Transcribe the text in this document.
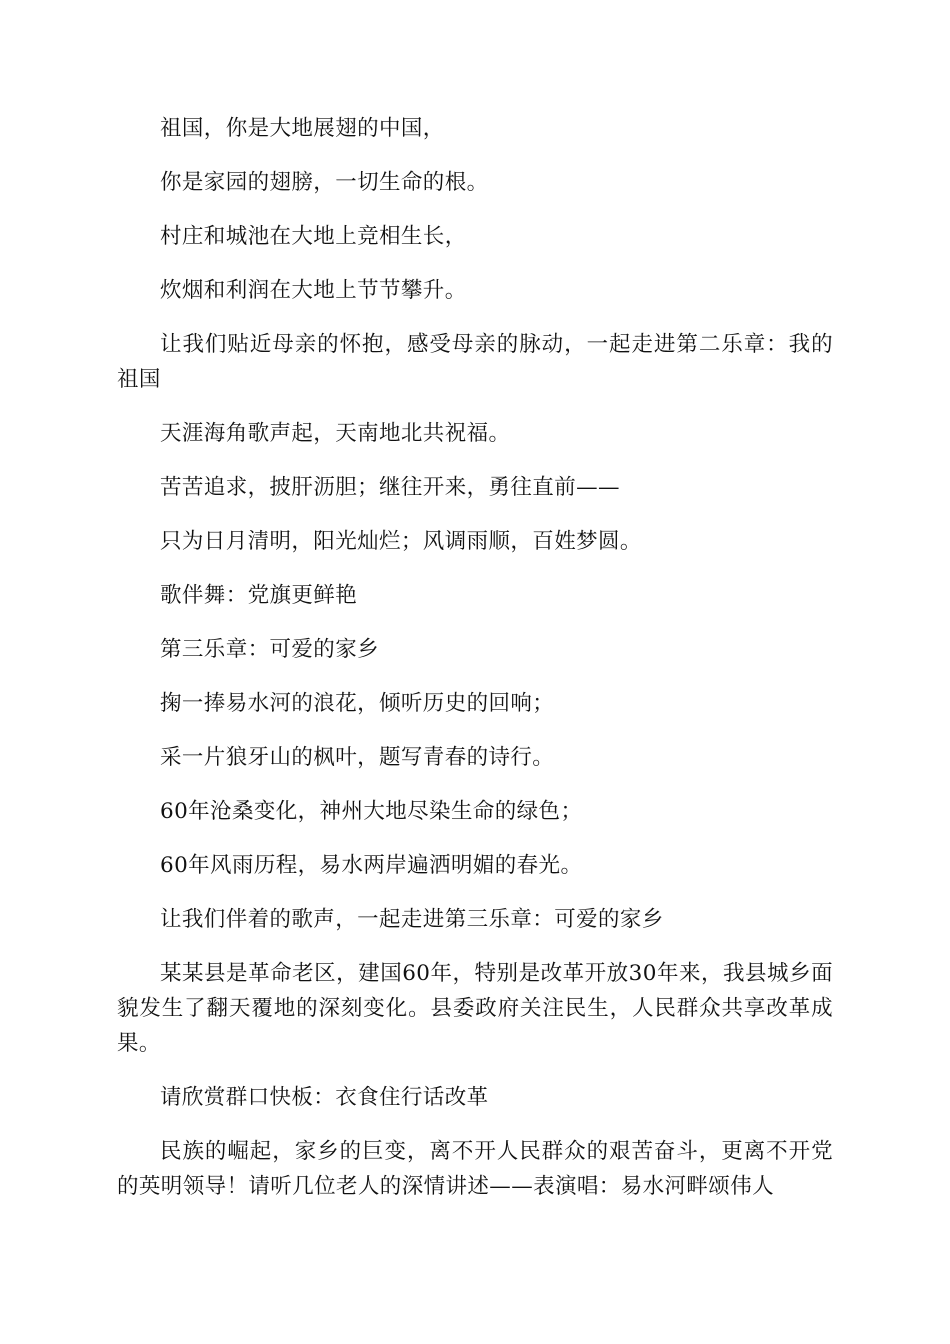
祖国，你是大地展翅的中国，

你是家园的翅膀，一切生命的根。

村庄和城池在大地上竞相生长，

炊烟和利润在大地上节节攀升。

让我们贴近母亲的怀抱，感受母亲的脉动，一起走进第二乐章：我的祖国

天涯海角歌声起，天南地北共祝福。

苦苦追求，披肝沥胆；继往开来，勇往直前——

只为日月清明，阳光灿烂；风调雨顺，百姓梦圆。

歌伴舞：党旗更鲜艳

第三乐章：可爱的家乡

掬一捧易水河的浪花，倾听历史的回响；

采一片狼牙山的枫叶，题写青春的诗行。

60年沧桑变化，神州大地尽染生命的绿色；

60年风雨历程，易水两岸遍洒明媚的春光。

让我们伴着的歌声，一起走进第三乐章：可爱的家乡

某某县是革命老区，建国60年，特别是改革开放30年来，我县城乡面貌发生了翻天覆地的深刻变化。县委政府关注民生，人民群众共享改革成果。

请欣赏群口快板：衣食住行话改革

民族的崛起，家乡的巨变，离不开人民群众的艰苦奋斗，更离不开党的英明领导！请听几位老人的深情讲述——表演唱：易水河畔颂伟人
